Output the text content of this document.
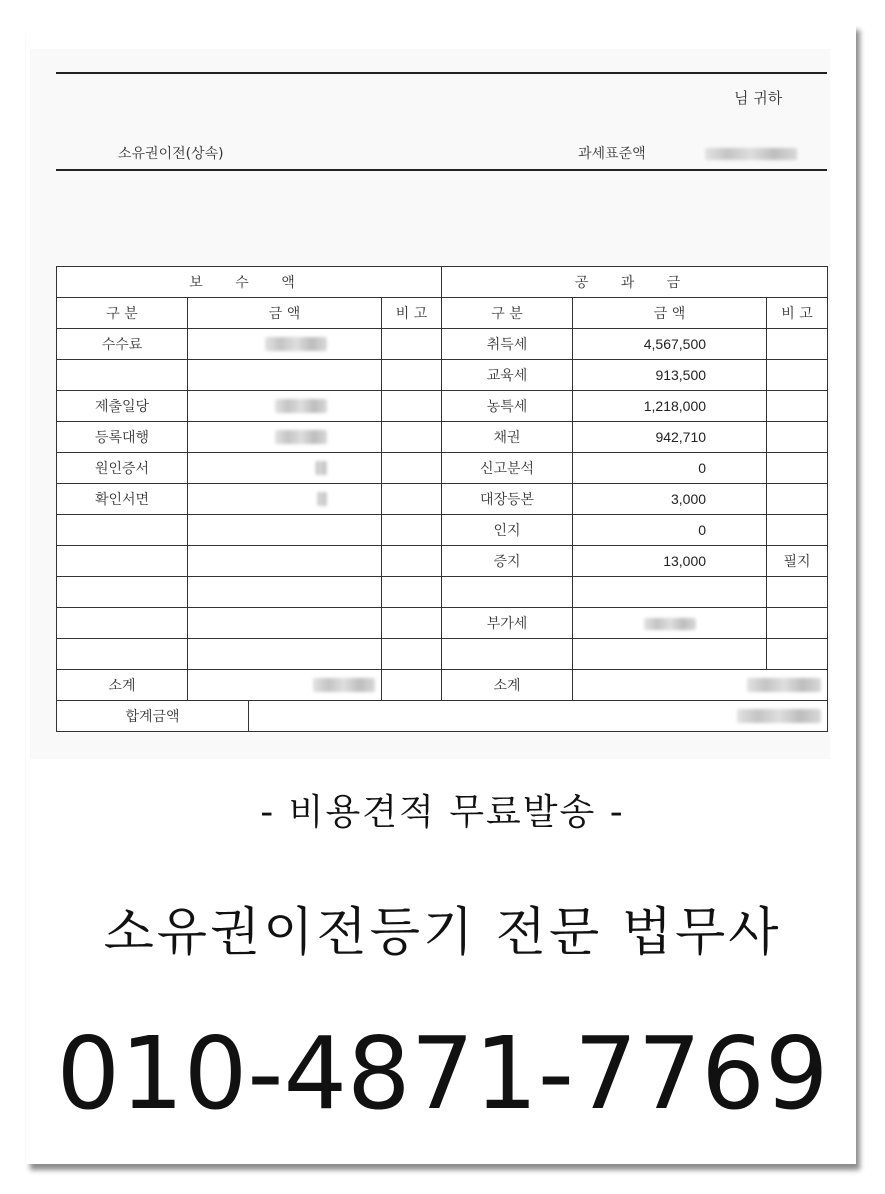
님 귀하
소유권이전(상속)	과세표준액
보 수 액				공 과 금		
구 분	금 액		비 고	구 분	금 액	비 고
수수료				취득세	4,567,500	
				교육세	913,500	
제출일당				농특세	1,218,000	
등록대행				채권	942,710	
원인증서				신고분석	0	
확인서면				대장등본	3,000	
				인지	0	
				증지	13,000	필지

				부가세		

소계				소계		
합계금액						
- 비용견적 무료발송 -
소유권이전등기 전문 법무사
010-4871-7769
